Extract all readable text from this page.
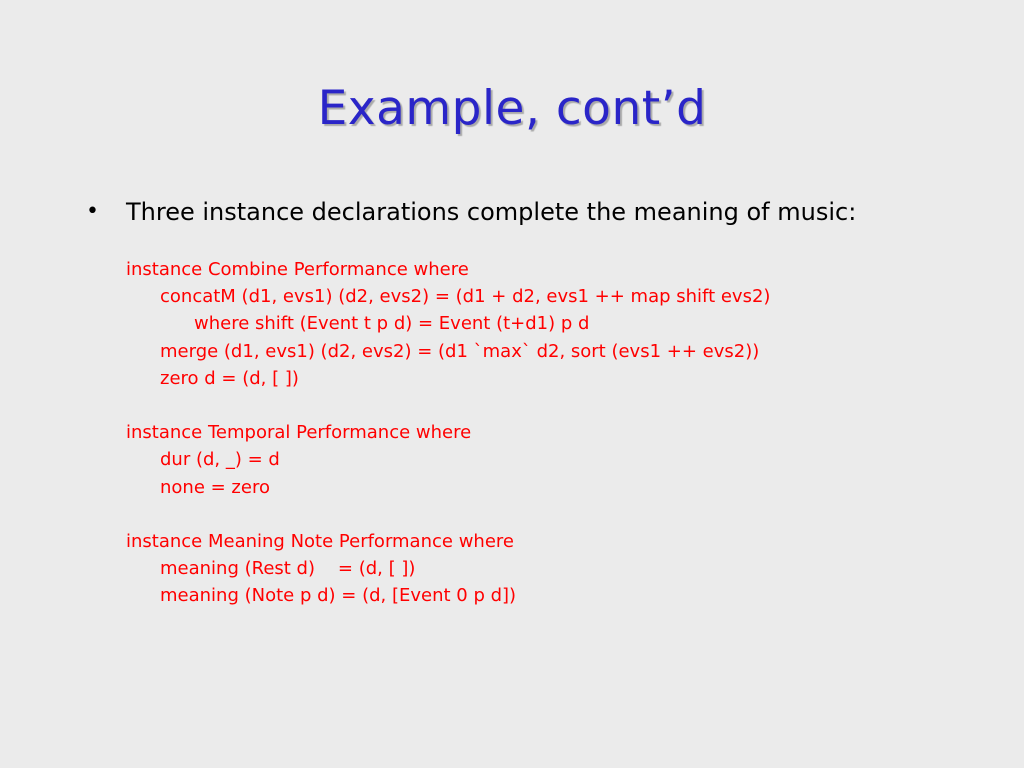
Example, cont’d
• Three instance declarations complete the meaning of music:
instance Combine Performance where
concatM (d1, evs1) (d2, evs2) = (d1 + d2, evs1 ++ map shift evs2)
where shift (Event t p d) = Event (t+d1) p d
merge (d1, evs1) (d2, evs2) = (d1 `max` d2, sort (evs1 ++ evs2))
zero d = (d, [ ])
instance Temporal Performance where
dur (d, _) = d
none = zero
instance Meaning Note Performance where
meaning (Rest d)    = (d, [ ])
meaning (Note p d) = (d, [Event 0 p d])
